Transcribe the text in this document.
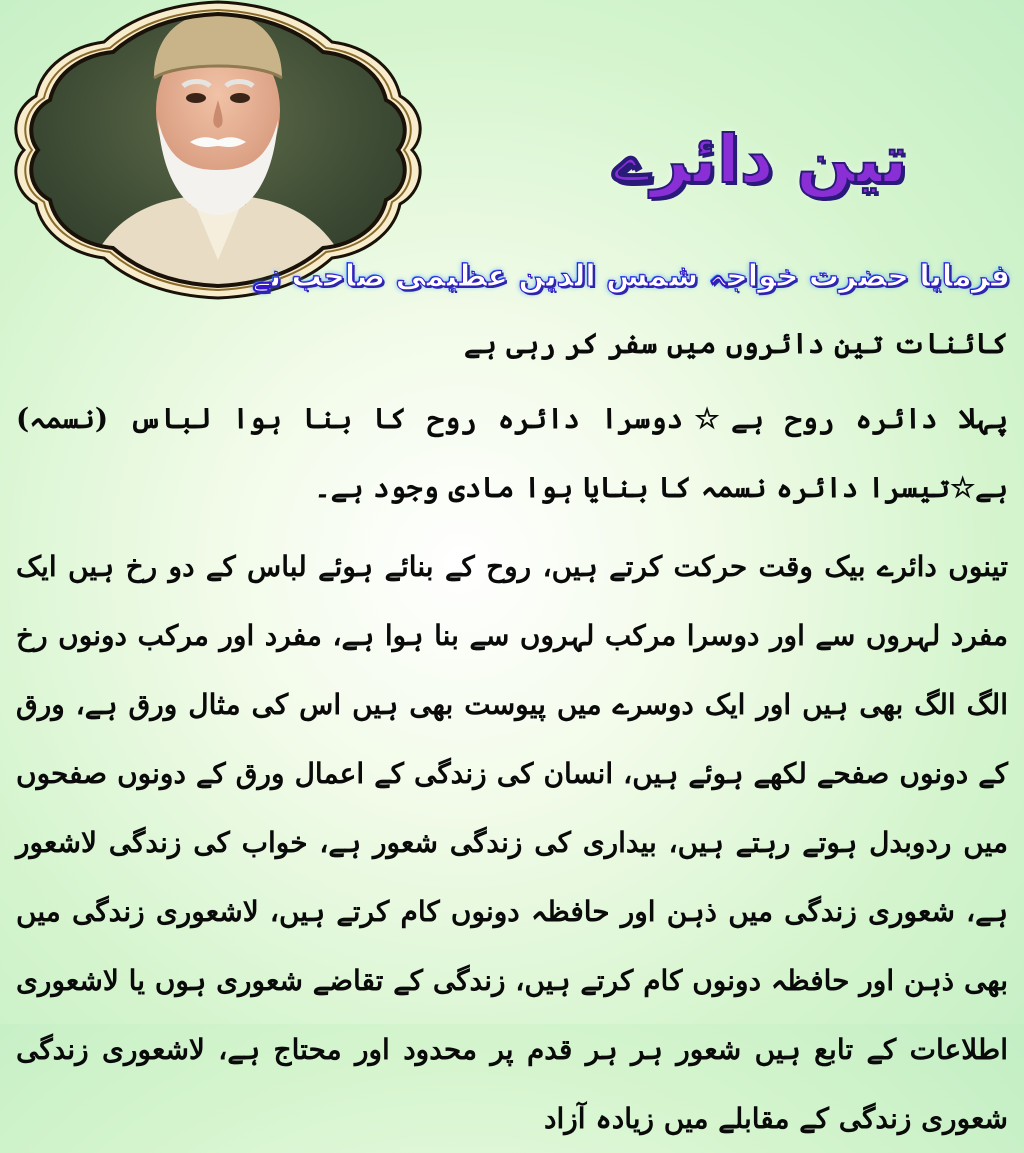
تین دائرے
فرمایا حضرت خواجہ شمس الدین عظیمی صاحب نے

کائنات تین دائروں میں سفر کر رہی ہے

پہلا دائرہ روح ہے☆دوسرا دائرہ روح کا بنا ہوا لباس (نسمہ) ہے☆تیسرا دائرہ نسمہ کا بنایا ہوا مادی وجود ہے۔

تینوں دائرے بیک وقت حرکت کرتے ہیں، روح کے بنائے ہوئے لباس کے دو رخ ہیں ایک مفرد لہروں سے اور دوسرا مرکب لہروں سے بنا ہوا ہے، مفرد اور مرکب دونوں رخ الگ الگ بھی ہیں اور ایک دوسرے میں پیوست بھی ہیں اس کی مثال ورق ہے، ورق کے دونوں صفحے لکھے ہوئے ہیں، انسان کی زندگی کے اعمال ورق کے دونوں صفحوں میں ردوبدل ہوتے رہتے ہیں، بیداری کی زندگی شعور ہے، خواب کی زندگی لاشعور ہے، شعوری زندگی میں ذہن اور حافظہ دونوں کام کرتے ہیں، لاشعوری زندگی میں بھی ذہن اور حافظہ دونوں کام کرتے ہیں، زندگی کے تقاضے شعوری ہوں یا لاشعوری اطلاعات کے تابع ہیں شعور ہر ہر قدم پر محدود اور محتاج ہے، لاشعوری زندگی شعوری زندگی کے مقابلے میں زیادہ آزاد
